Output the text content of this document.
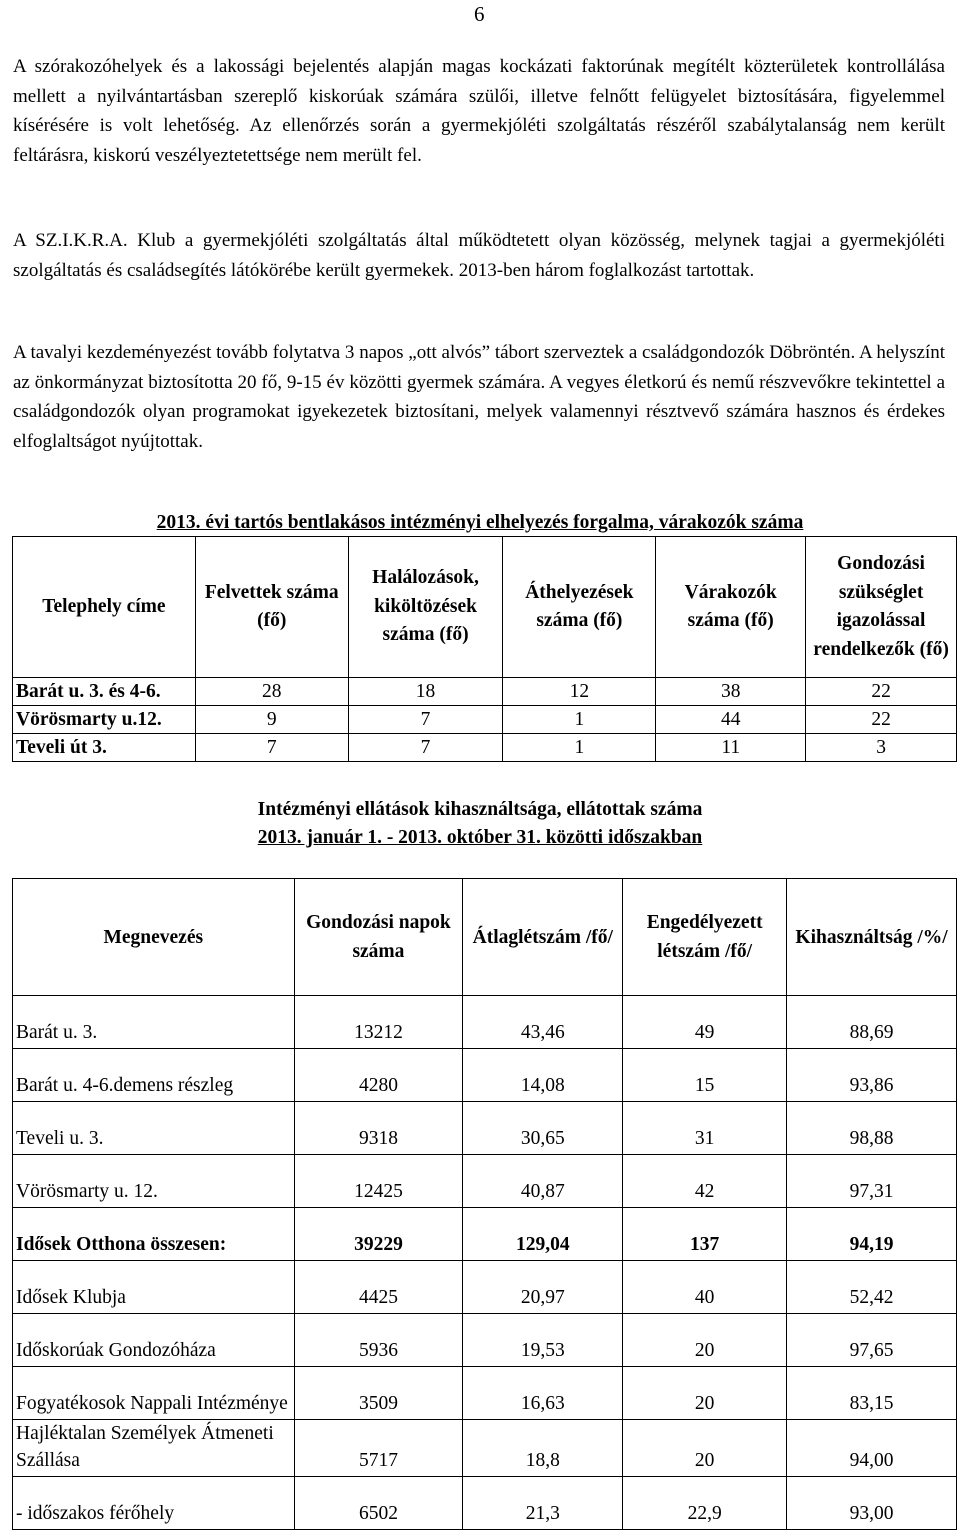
6

A szórakozóhelyek és a lakossági bejelentés alapján magas kockázati faktorúnak megítélt közterületek kontrollálása mellett a nyilvántartásban szereplő kiskorúak számára szülői, illetve felnőtt felügyelet biztosítására, figyelemmel kísérésére is volt lehetőség. Az ellenőrzés során a gyermekjóléti szolgáltatás részéről szabálytalanság nem került feltárásra, kiskorú veszélyeztetettsége nem merült fel.

A SZ.I.K.R.A. Klub a gyermekjóléti szolgáltatás által működtetett olyan közösség, melynek tagjai a gyermekjóléti szolgáltatás és családsegítés látókörébe került gyermekek. 2013-ben három foglalkozást tartottak.

A tavalyi kezdeményezést tovább folytatva 3 napos „ott alvós” tábort szerveztek a családgondozók Döbröntén. A helyszínt az önkormányzat biztosította 20 fő, 9-15 év közötti gyermek számára. A vegyes életkorú és nemű részvevőkre tekintettel a családgondozók olyan programokat igyekezetek biztosítani, melyek valamennyi résztvevő számára hasznos és érdekes elfoglaltságot nyújtottak.

2013. évi tartós bentlakásos intézményi elhelyezés forgalma, várakozók száma
Telephely címe	Felvettek száma (fő)	Halálozások, kiköltözések száma (fő)	Áthelyezések száma (fő)	Várakozók száma (fő)	Gondozási szükséglet igazolással rendelkezők (fő)
Barát u. 3. és 4-6.	28	18	12	38	22
Vörösmarty u.12.	9	7	1	44	22
Teveli út 3.	7	7	1	11	3
Intézményi ellátások kihasználtsága, ellátottak száma
2013. január 1. - 2013. október 31. közötti időszakban
Megnevezés	Gondozási napok száma	Átlaglétszám /fő/	Engedélyezett létszám /fő/	Kihasználtság /%/
Barát u. 3.	13212	43,46	49	88,69
Barát u. 4-6.demens részleg	4280	14,08	15	93,86
Teveli u. 3.	9318	30,65	31	98,88
Vörösmarty u. 12.	12425	40,87	42	97,31
Idősek Otthona összesen:	39229	129,04	137	94,19
Idősek Klubja	4425	20,97	40	52,42
Időskorúak Gondozóháza	5936	19,53	20	97,65
Fogyatékosok Nappali Intézménye	3509	16,63	20	83,15
Hajléktalan Személyek Átmeneti Szállása	5717	18,8	20	94,00
- időszakos férőhely	6502	21,3	22,9	93,00
